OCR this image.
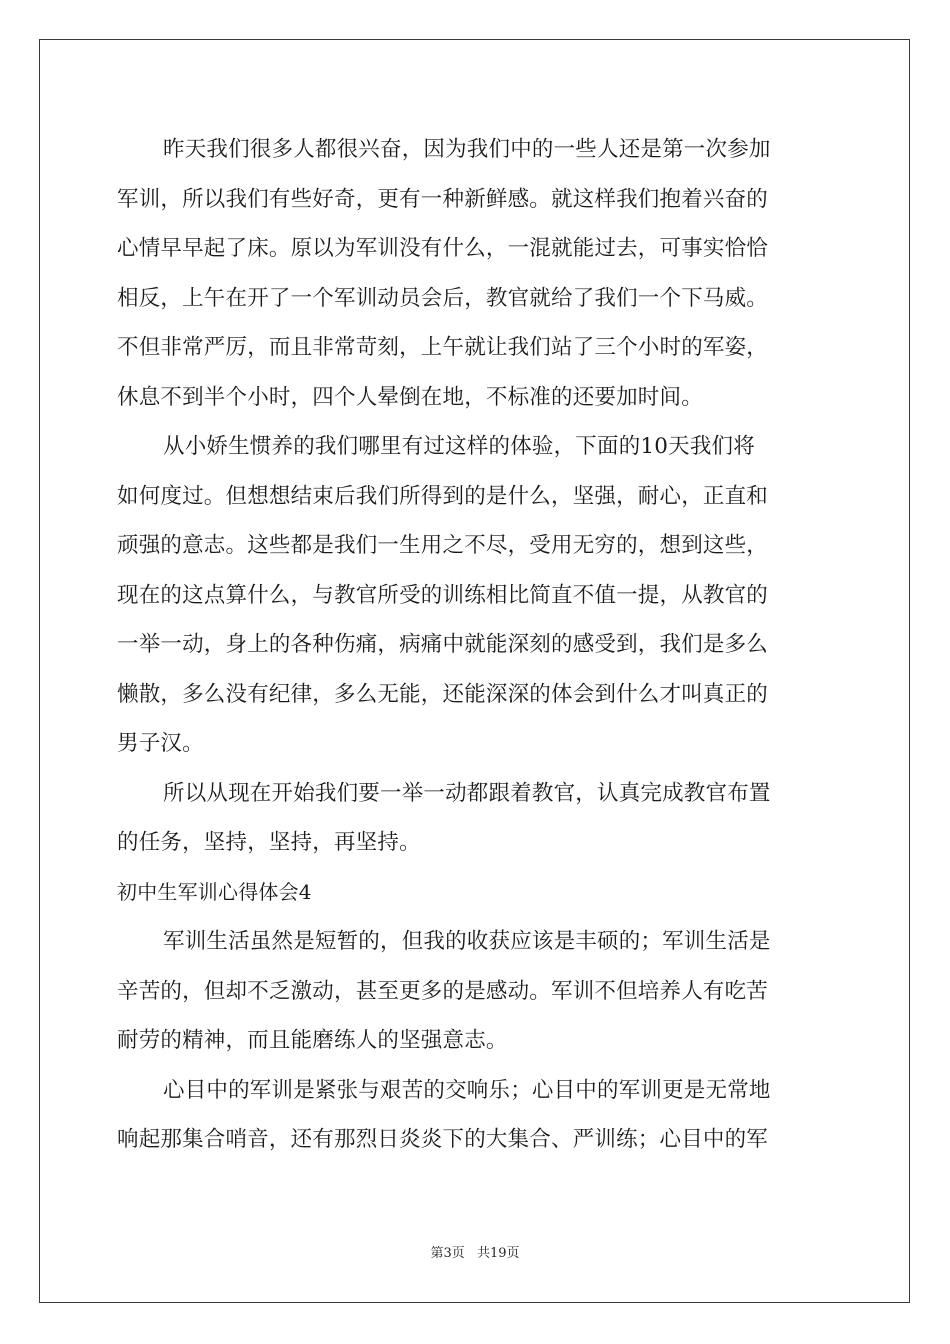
昨天我们很多人都很兴奋，因为我们中的一些人还是第一次参加
军训，所以我们有些好奇，更有一种新鲜感。就这样我们抱着兴奋的
心情早早起了床。原以为军训没有什么，一混就能过去，可事实恰恰
相反，上午在开了一个军训动员会后，教官就给了我们一个下马威。
不但非常严厉，而且非常苛刻，上午就让我们站了三个小时的军姿，
休息不到半个小时，四个人晕倒在地，不标准的还要加时间。
从小娇生惯养的我们哪里有过这样的体验，下面的10天我们将
如何度过。但想想结束后我们所得到的是什么，坚强，耐心，正直和
顽强的意志。这些都是我们一生用之不尽，受用无穷的，想到这些，
现在的这点算什么，与教官所受的训练相比简直不值一提，从教官的
一举一动，身上的各种伤痛，病痛中就能深刻的感受到，我们是多么
懒散，多么没有纪律，多么无能，还能深深的体会到什么才叫真正的
男子汉。
所以从现在开始我们要一举一动都跟着教官，认真完成教官布置
的任务，坚持，坚持，再坚持。
初中生军训心得体会4
军训生活虽然是短暂的，但我的收获应该是丰硕的；军训生活是
辛苦的，但却不乏激动，甚至更多的是感动。军训不但培养人有吃苦
耐劳的精神，而且能磨练人的坚强意志。
心目中的军训是紧张与艰苦的交响乐；心目中的军训更是无常地
响起那集合哨音，还有那烈日炎炎下的大集合、严训练；心目中的军
第3页 共19页
